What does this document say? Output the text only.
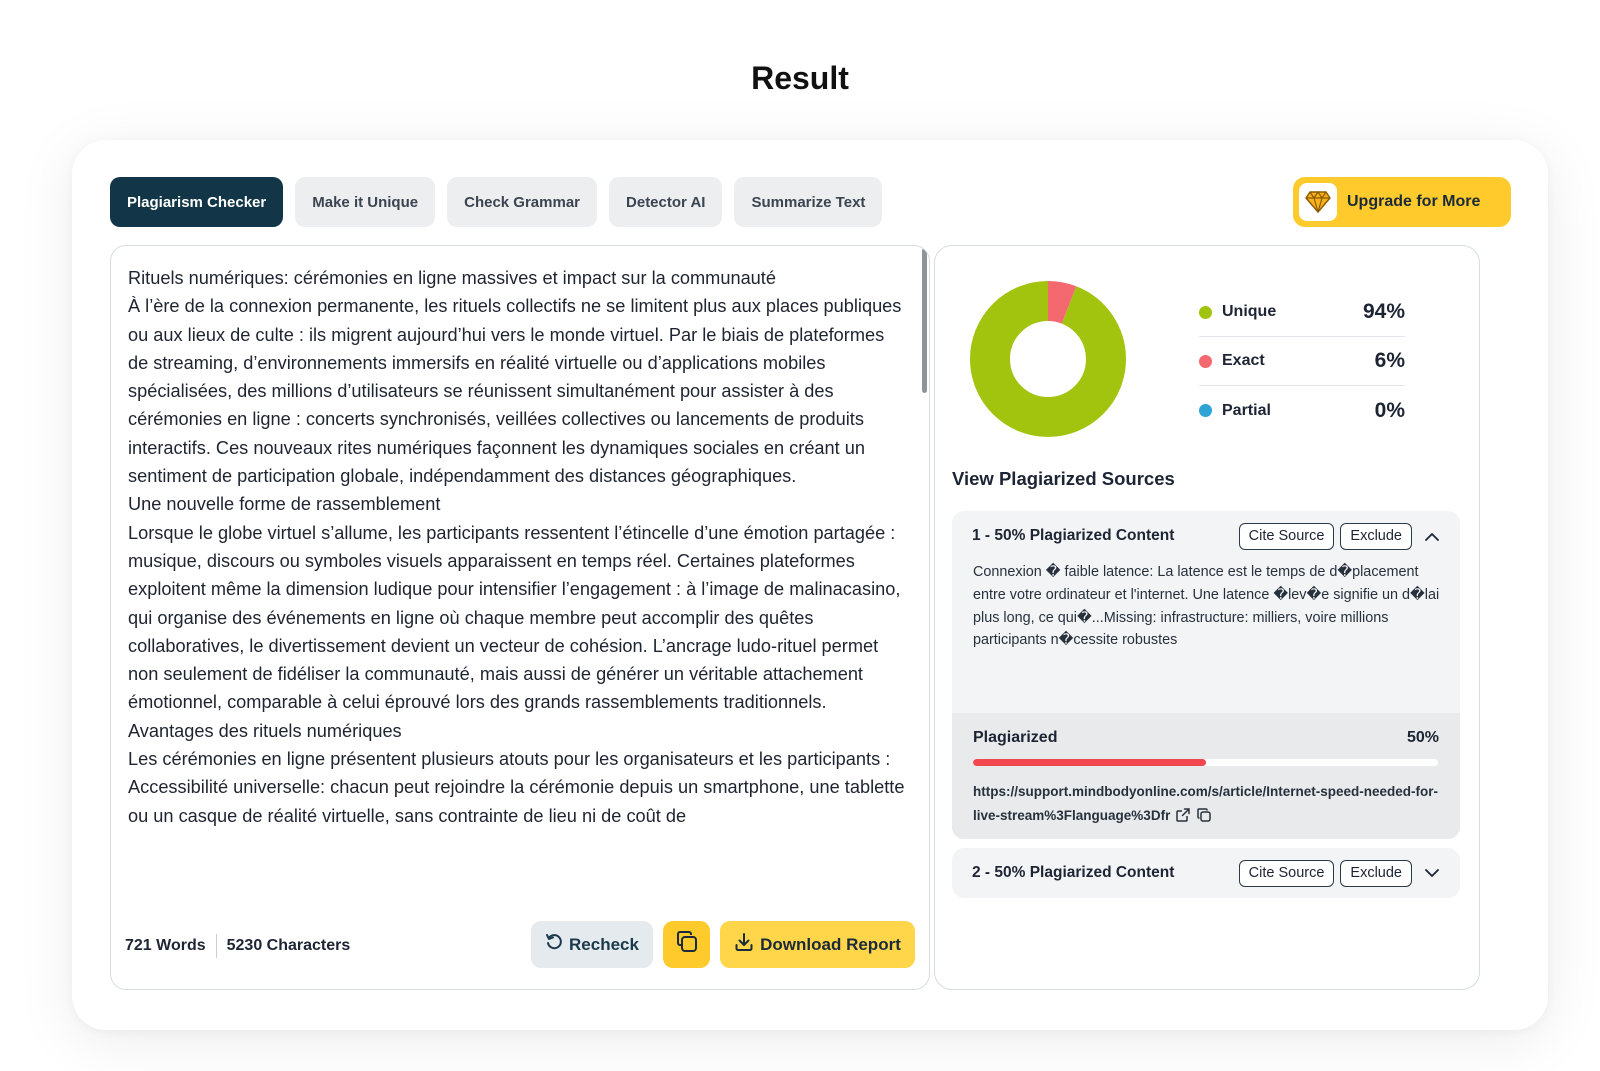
Result
Plagiarism Checker	Make it Unique	Check Grammar	Detector AI	Summarize Text	Upgrade for More

Rituels numériques: cérémonies en ligne massives et impact sur la communauté

À l’ère de la connexion permanente, les rituels collectifs ne se limitent plus aux places publiques ou aux lieux de culte : ils migrent aujourd’hui vers le monde virtuel. Par le biais de plateformes de streaming, d’environnements immersifs en réalité virtuelle ou d’applications mobiles spécialisées, des millions d’utilisateurs se réunissent simultanément pour assister à des cérémonies en ligne : concerts synchronisés, veillées collectives ou lancements de produits interactifs. Ces nouveaux rites numériques façonnent les dynamiques sociales en créant un sentiment de participation globale, indépendamment des distances géographiques.

Une nouvelle forme de rassemblement

Lorsque le globe virtuel s’allume, les participants ressentent l’étincelle d’une émotion partagée : musique, discours ou symboles visuels apparaissent en temps réel. Certaines plateformes exploitent même la dimension ludique pour intensifier l’engagement : à l’image de malinacasino, qui organise des événements en ligne où chaque membre peut accomplir des quêtes collaboratives, le divertissement devient un vecteur de cohésion. L’ancrage ludo-rituel permet non seulement de fidéliser la communauté, mais aussi de générer un véritable attachement émotionnel, comparable à celui éprouvé lors des grands rassemblements traditionnels.

Avantages des rituels numériques

Les cérémonies en ligne présentent plusieurs atouts pour les organisateurs et les participants :

Accessibilité universelle: chacun peut rejoindre la cérémonie depuis un smartphone, une tablette ou un casque de réalité virtuelle, sans contrainte de lieu ni de coût de

721 Words 5230 Characters	Recheck	Download Report
Unique	94%
Exact	6%
Partial	0%
View Plagiarized Sources
1 - 50% Plagiarized Content	Cite Source	Exclude
Connexion � faible latence: La latence est le temps de d�placement entre votre ordinateur et l'internet. Une latence �lev�e signifie un d�lai plus long, ce qui�...Missing: infrastructure: milliers, voire millions participants n�cessite robustes
Plagiarized	50%
https://support.mindbodyonline.com/s/article/Internet-speed-needed-for-live-stream%3Flanguage%3Dfr
2 - 50% Plagiarized Content	Cite Source	Exclude
